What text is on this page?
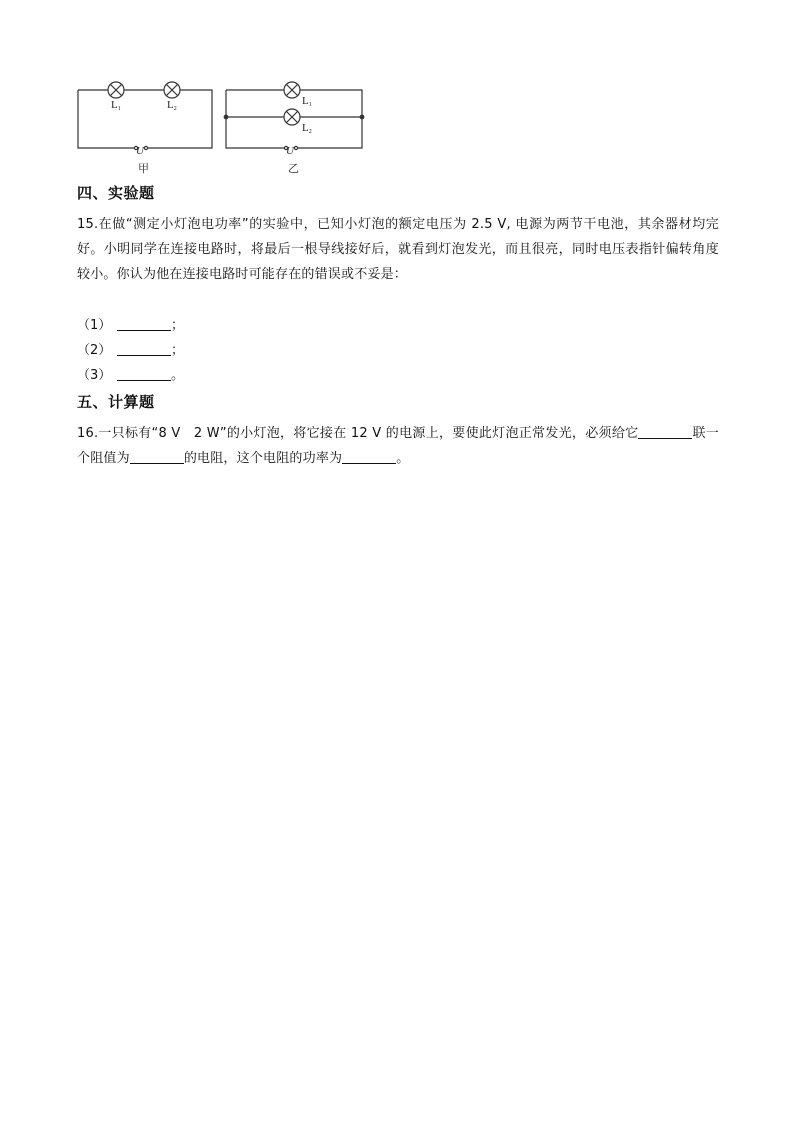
L1	L2
U
甲
L1
L2
U
乙
四、实验题
15.在做“测定小灯泡电功率”的实验中，已知小灯泡的额定电压为 2.5 V, 电源为两节干电池，其余器材均完好。小明同学在连接电路时，将最后一根导线接好后，就看到灯泡发光，而且很亮，同时电压表指针偏转角度较小。你认为他在连接电路时可能存在的错误或不妥是：
（1）	；
（2）	；
（3）	。
五、计算题
16.一只标有“8 V　2 W”的小灯泡，将它接在 12 V 的电源上，要使此灯泡正常发光，必须给它	联一个阻值为	的电阻，这个电阻的功率为	。
